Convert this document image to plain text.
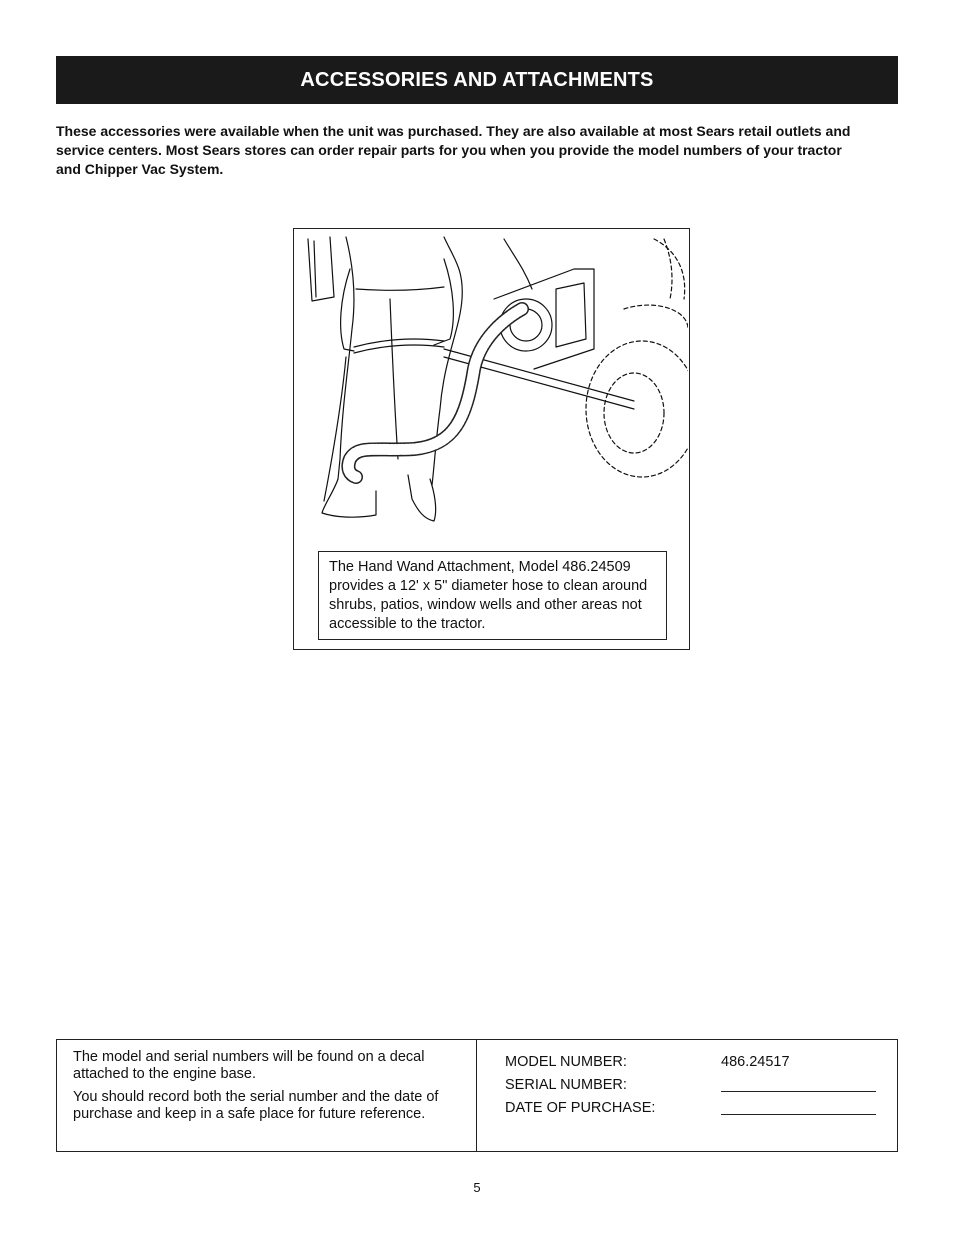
ACCESSORIES AND ATTACHMENTS

These accessories were available when the unit was purchased. They are also available at most Sears retail outlets and service centers. Most Sears stores can order repair parts for you when you provide the model numbers of your tractor and Chipper Vac System.

The Hand Wand Attachment, Model 486.24509 provides a 12' x 5" diameter hose to clean around shrubs, patios, window wells and other areas not accessible to the tractor.

The model and serial numbers will be found on a decal attached to the engine base.

You should record both the serial number and the date of purchase and keep in a safe place for future reference.

MODEL NUMBER:	486.24517
SERIAL NUMBER:
DATE OF PURCHASE:
5
